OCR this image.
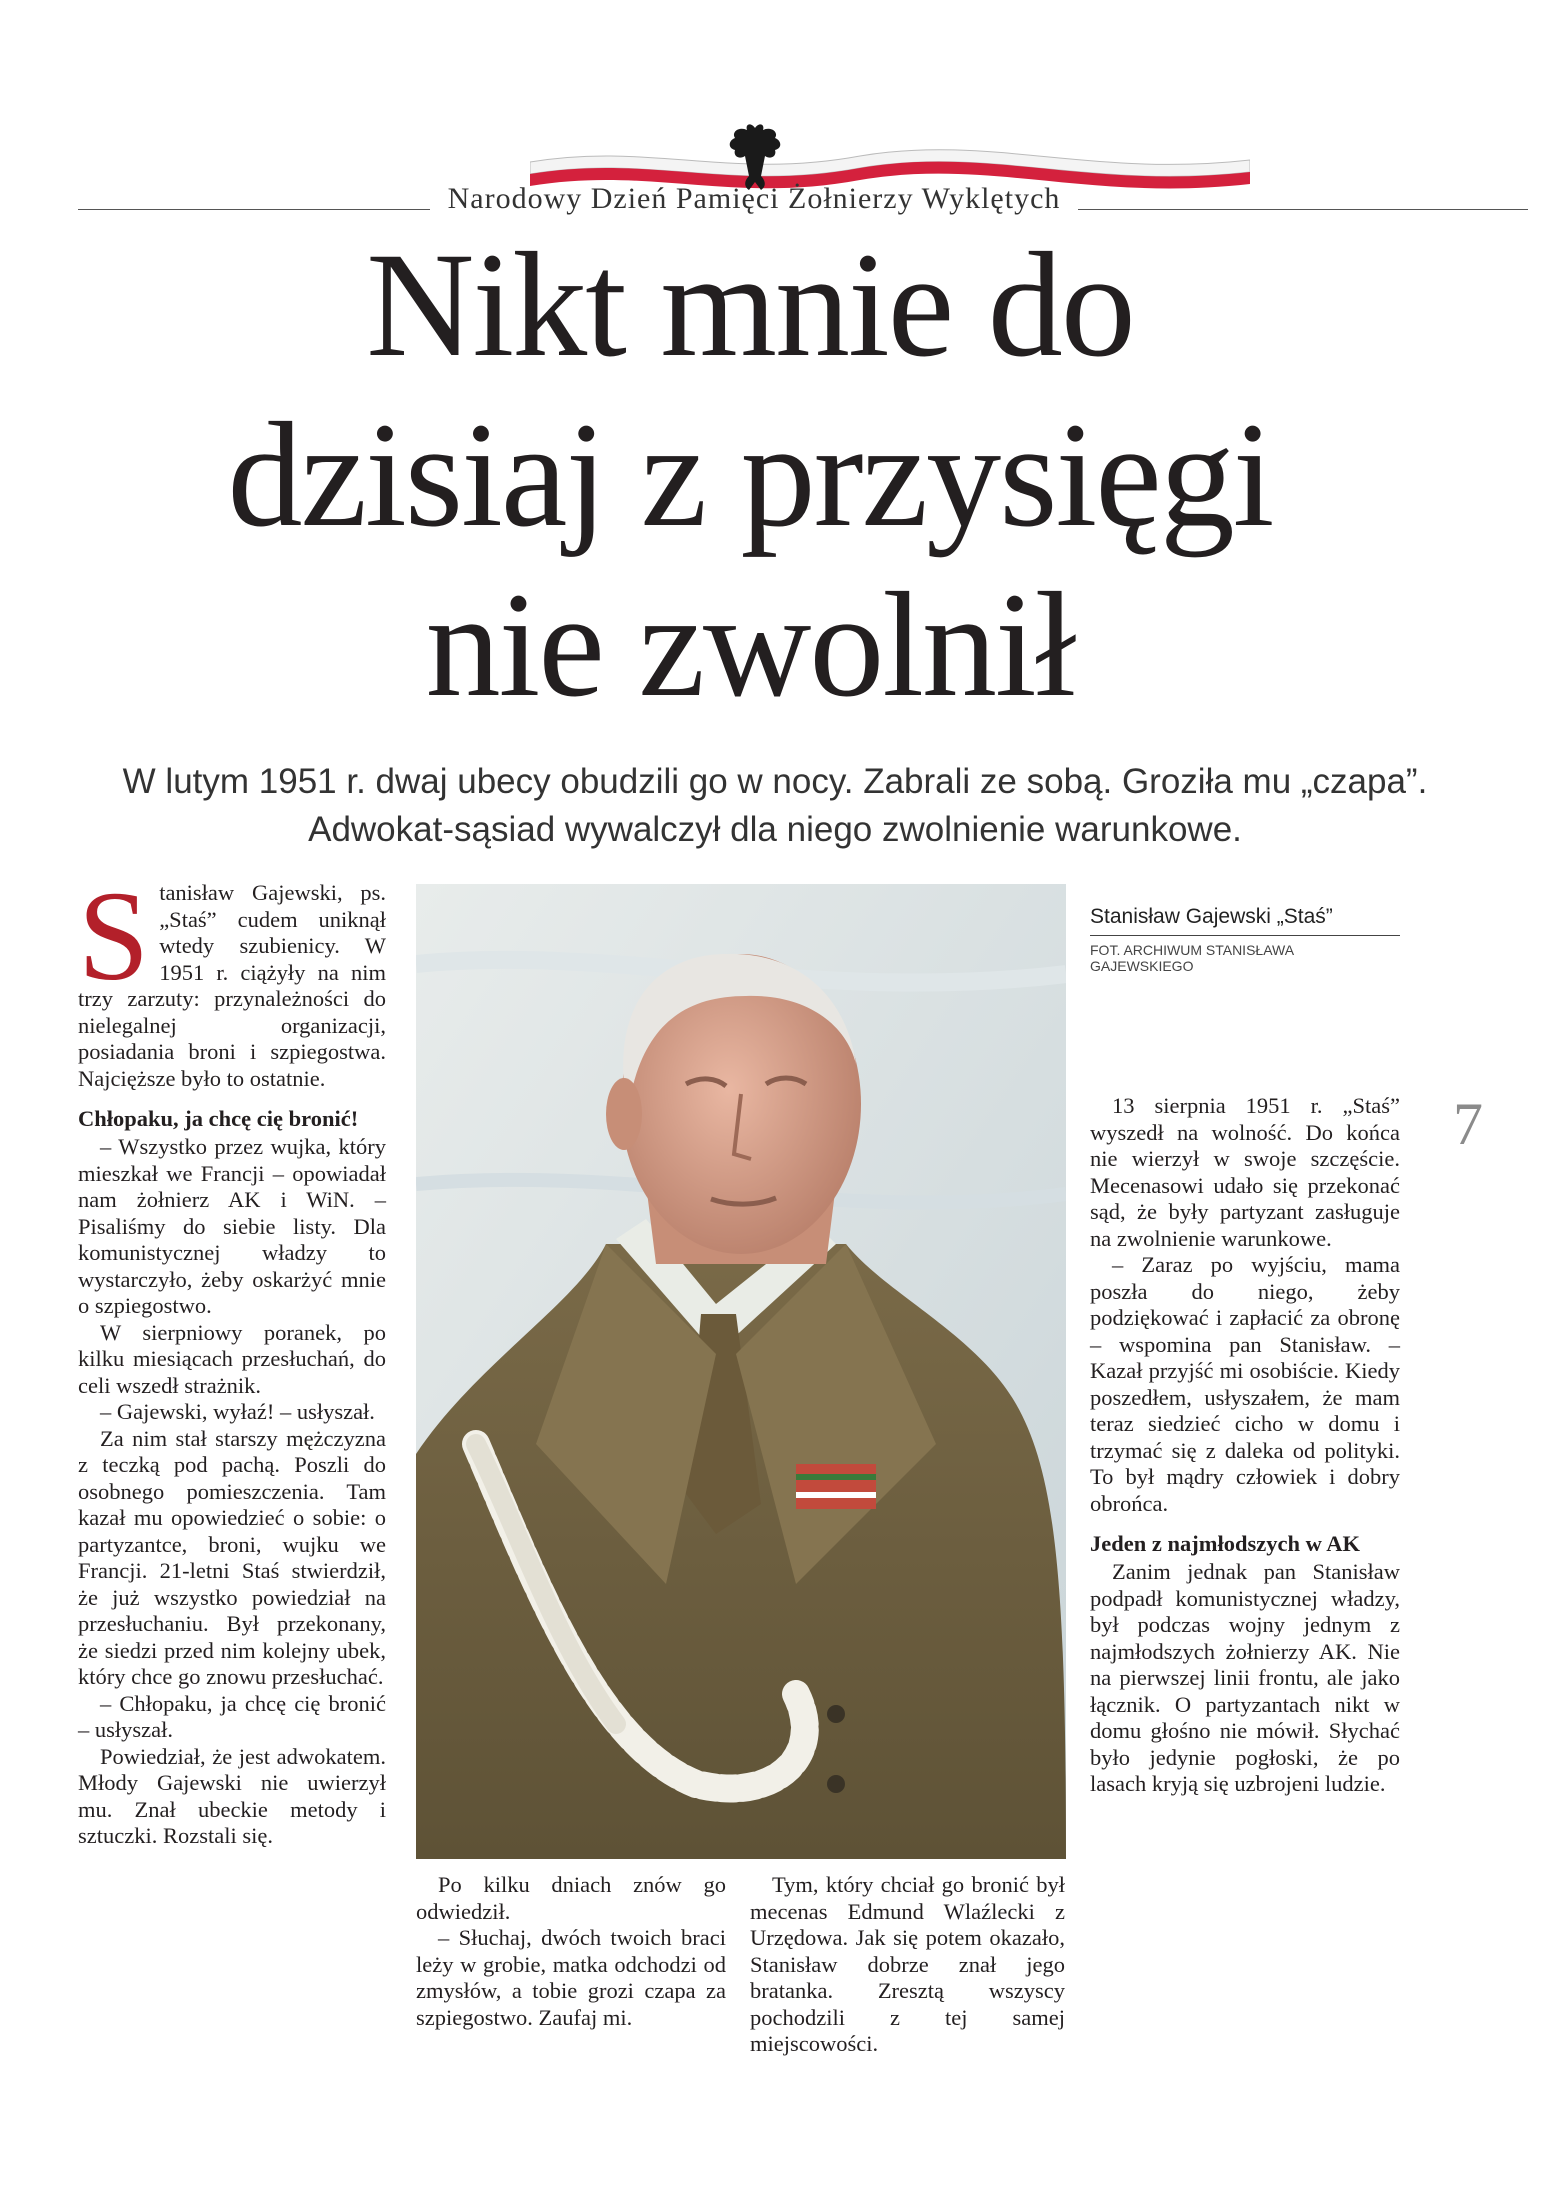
Narodowy Dzień Pamięci Żołnierzy Wyklętych
Nikt mnie do
dzisiaj z przysięgi
nie zwolnił
W lutym 1951 r. dwaj ubecy obudzili go w nocy. Zabrali ze sobą. Groziła mu „czapa”.
Adwokat-sąsiad wywalczył dla niego zwolnienie warunkowe.
S tanisław Gajewski, ps. „Staś” cudem uniknął wtedy szubienicy. W 1951 r. ciążyły na nim trzy zarzuty: przynależności do nielegalnej organizacji, posiadania broni i szpiegostwa. Najcięższe było to ostatnie.

Chłopaku, ja chcę cię bronić!

– Wszystko przez wujka, który mieszkał we Francji – opowiadał nam żołnierz AK i WiN. – Pisaliśmy do siebie listy. Dla komunistycznej władzy to wystarczyło, żeby oskarżyć mnie o szpiegostwo.

W sierpniowy poranek, po kilku miesiącach przesłuchań, do celi wszedł strażnik.

– Gajewski, wyłaź! – usłyszał.

Za nim stał starszy mężczyzna z teczką pod pachą. Poszli do osobnego pomieszczenia. Tam kazał mu opowiedzieć o sobie: o partyzantce, broni, wujku we Francji. 21-letni Staś stwierdził, że już wszystko powiedział na przesłuchaniu. Był przekonany, że siedzi przed nim kolejny ubek, który chce go znowu przesłuchać.

– Chłopaku, ja chcę cię bronić – usłyszał.

Powiedział, że jest adwokatem. Młody Gajewski nie uwierzył mu. Znał ubeckie metody i sztuczki. Rozstali się.

Stanisław Gajewski „Staś”
FOT. ARCHIWUM STANISŁAWA GAJEWSKIEGO
7

Po kilku dniach znów go odwiedził.

– Słuchaj, dwóch twoich braci leży w grobie, matka odchodzi od zmysłów, a tobie grozi czapa za szpiegostwo. Zaufaj mi.

Tym, który chciał go bronić był mecenas Edmund Wlaźlecki z Urzędowa. Jak się potem okazało, Stanisław dobrze znał jego bratanka. Zresztą wszyscy pochodzili z tej samej miejscowości.

13 sierpnia 1951 r. „Staś” wyszedł na wolność. Do końca nie wierzył w swoje szczęście. Mecenasowi udało się przekonać sąd, że były partyzant zasługuje na zwolnienie warunkowe.

– Zaraz po wyjściu, mama poszła do niego, żeby podziękować i zapłacić za obronę – wspomina pan Stanisław. – Kazał przyjść mi osobiście. Kiedy poszedłem, usłyszałem, że mam teraz siedzieć cicho w domu i trzymać się z daleka od polityki. To był mądry człowiek i dobry obrońca.

Jeden z najmłodszych w AK

Zanim jednak pan Stanisław podpadł komunistycznej władzy, był podczas wojny jednym z najmłodszych żołnierzy AK. Nie na pierwszej linii frontu, ale jako łącznik. O partyzantach nikt w domu głośno nie mówił. Słychać było jedynie pogłoski, że po lasach kryją się uzbrojeni ludzie.
